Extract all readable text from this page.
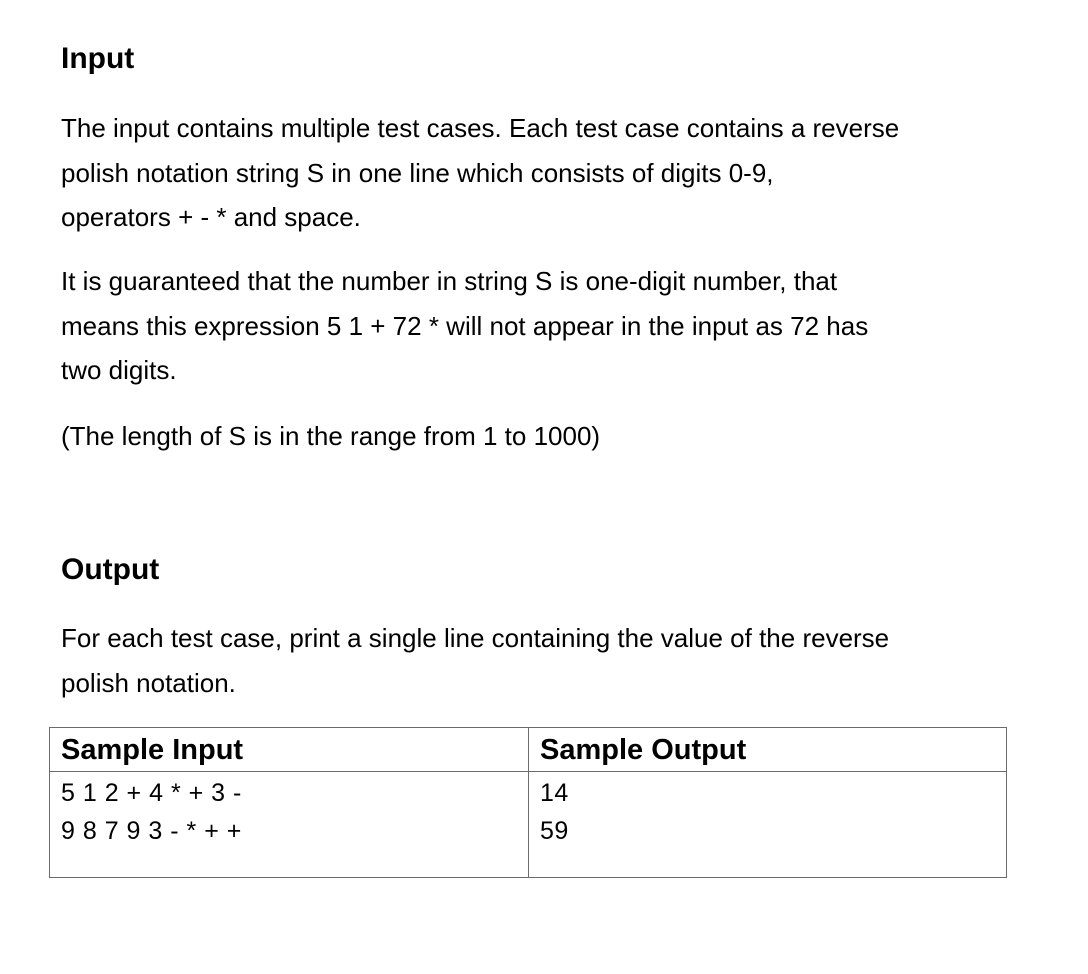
Input

The input contains multiple test cases. Each test case contains a reverse
polish notation string S in one line which consists of digits 0-9,
operators + - * and space.

It is guaranteed that the number in string S is one-digit number, that
means this expression 5 1 + 72 * will not appear in the input as 72 has
two digits.

(The length of S is in the range from 1 to 1000)

Output

For each test case, print a single line containing the value of the reverse
polish notation.

Sample Input
5 1 2 + 4 * + 3 -
9 8 7 9 3 - * + +
Sample Output
14
59
